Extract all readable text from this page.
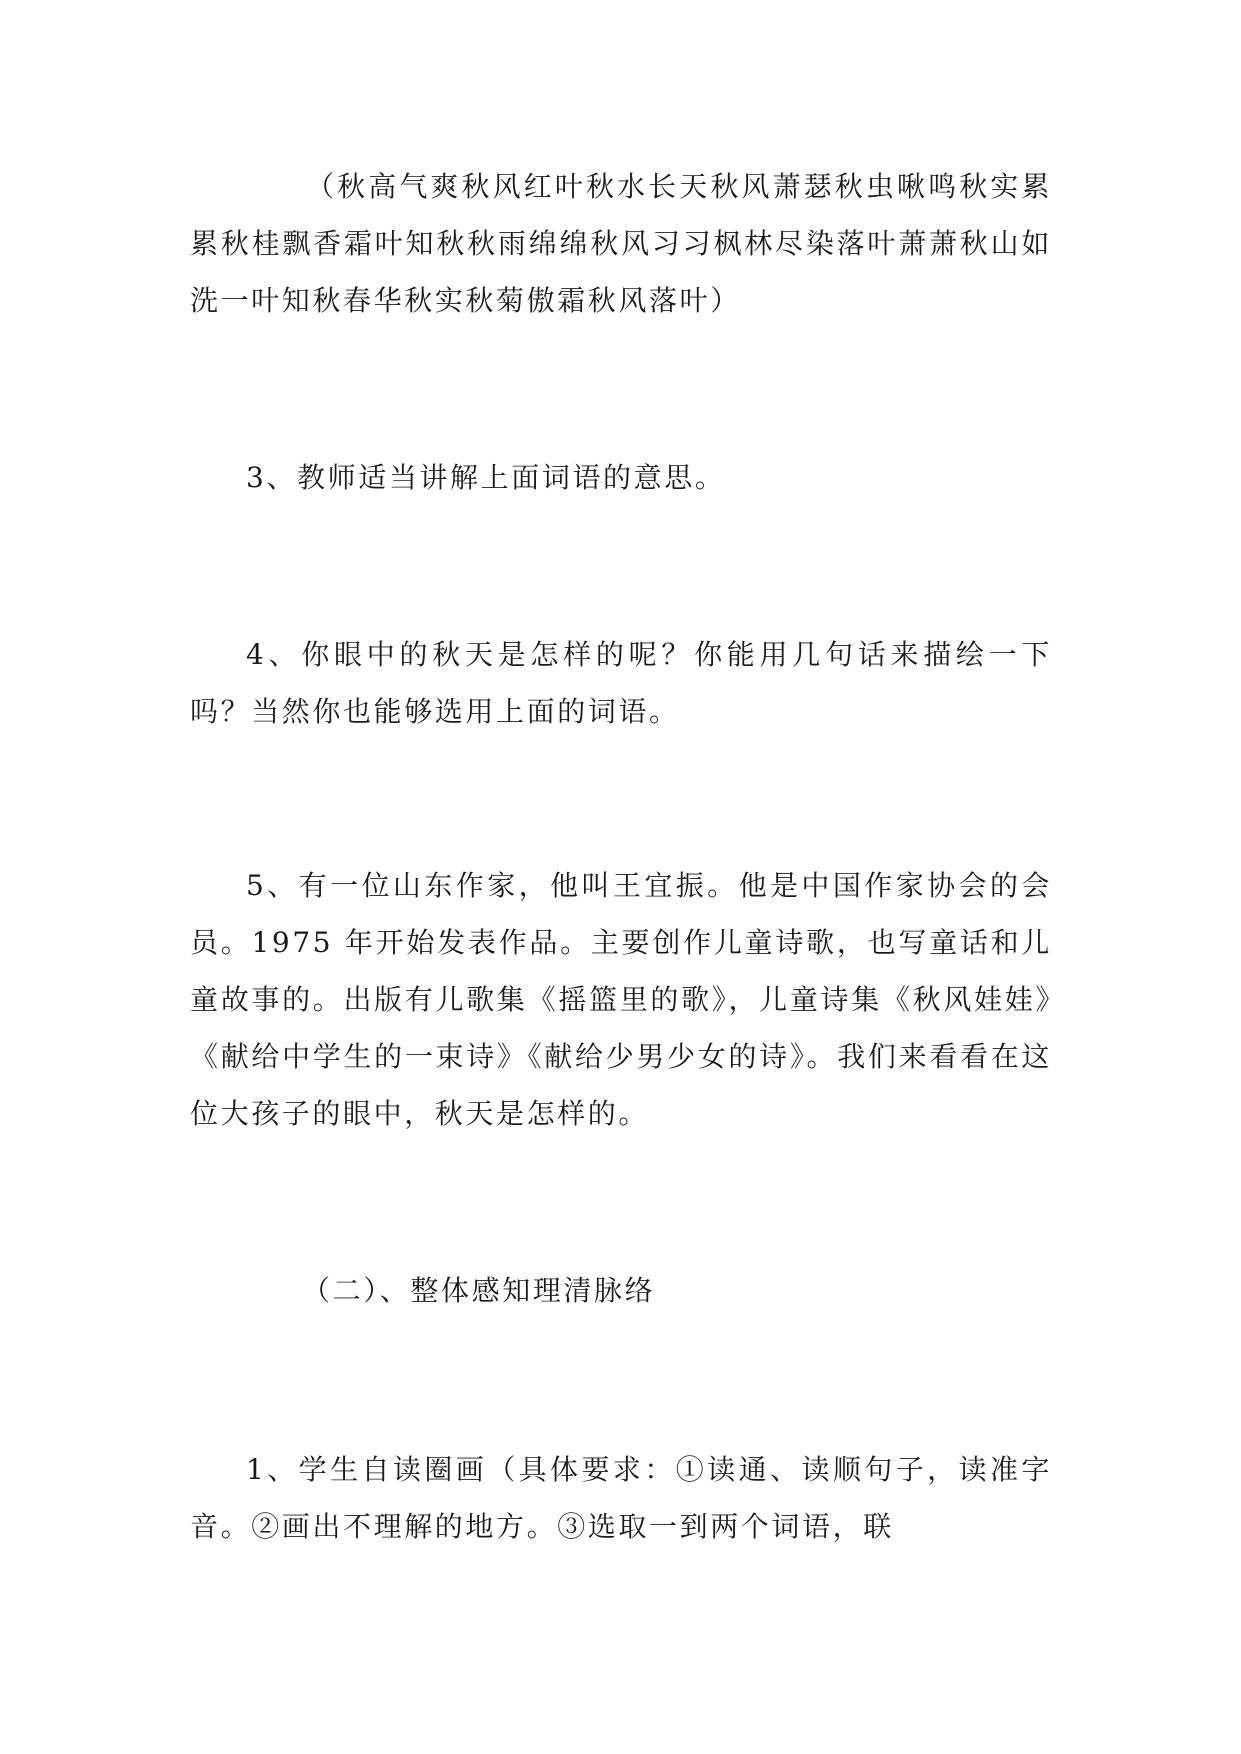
（秋高气爽秋风红叶秋水长天秋风萧瑟秋虫啾鸣秋实累累秋桂飘香霜叶知秋秋雨绵绵秋风习习枫林尽染落叶萧萧秋山如洗一叶知秋春华秋实秋菊傲霜秋风落叶）

3、教师适当讲解上面词语的意思。

4、你眼中的秋天是怎样的呢？你能用几句话来描绘一下吗？当然你也能够选用上面的词语。

5、有一位山东作家，他叫王宜振。他是中国作家协会的会员。1975 年开始发表作品。主要创作儿童诗歌，也写童话和儿童故事的。出版有儿歌集《摇篮里的歌》，儿童诗集《秋风娃娃》《献给中学生的一束诗》《献给少男少女的诗》。我们来看看在这位大孩子的眼中，秋天是怎样的。

（二）、整体感知理清脉络

1、学生自读圈画（具体要求：①读通、读顺句子，读准字音。②画出不理解的地方。③选取一到两个词语，联
